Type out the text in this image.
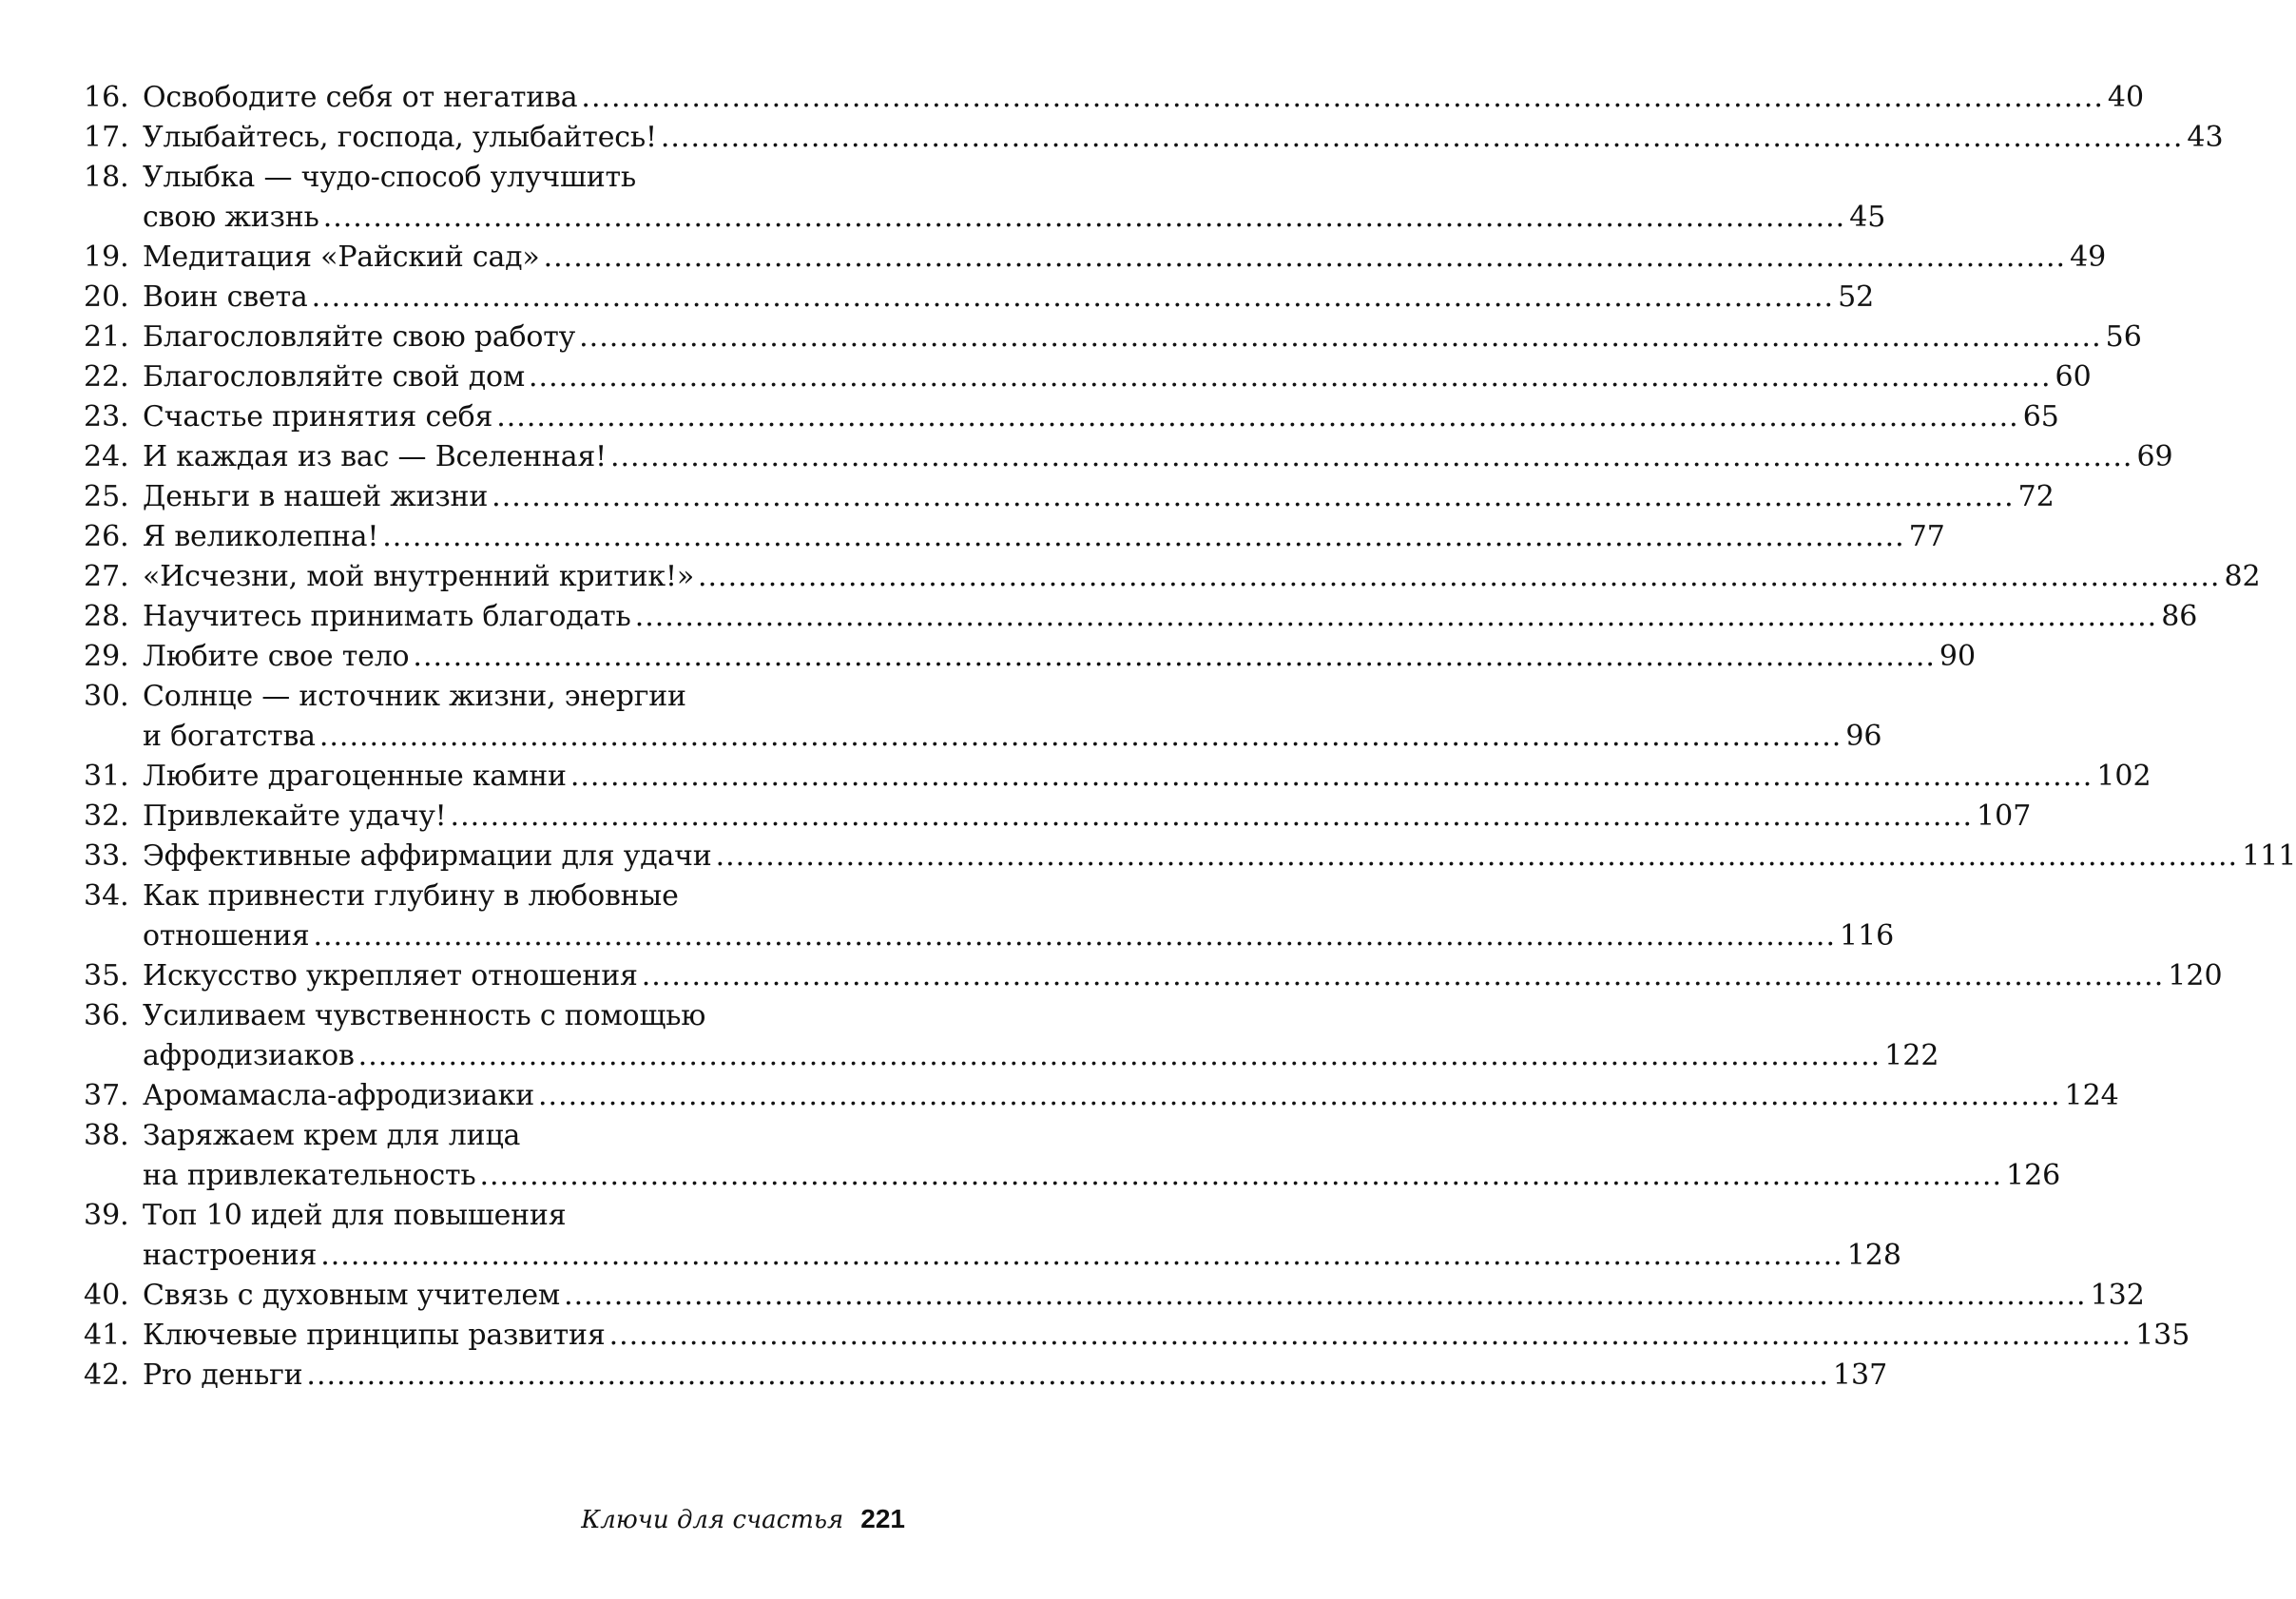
16. Освободите себя от негатива .....	40
17. Улыбайтесь, господа, улыбайтесь! .....	43
18. Улыбка — чудо-способ улучшить
свою жизнь .....	45
19. Медитация «Райский сад» .....	49
20. Воин света .....	52
21. Благословляйте свою работу .....	56
22. Благословляйте свой дом .....	60
23. Счастье принятия себя .....	65
24. И каждая из вас — Вселенная! .....	69
25. Деньги в нашей жизни .....	72
26. Я великолепна! .....	77
27. «Исчезни, мой внутренний критик!» .....	82
28. Научитесь принимать благодать .....	86
29. Любите свое тело .....	90
30. Солнце — источник жизни, энергии
и богатства .....	96
31. Любите драгоценные камни .....	102
32. Привлекайте удачу! .....	107
33. Эффективные аффирмации для удачи .....	111
34. Как привнести глубину в любовные
отношения .....	116
35. Искусство укрепляет отношения .....	120
36. Усиливаем чувственность с помощью
афродизиаков .....	122
37. Аромамасла-афродизиаки .....	124
38. Заряжаем крем для лица
на привлекательность .....	126
39. Топ 10 идей для повышения
настроения .....	128
40. Связь с духовным учителем .....	132
41. Ключевые принципы развития .....	135
42. Pro деньги .....	137
Ключи для счастья 221
